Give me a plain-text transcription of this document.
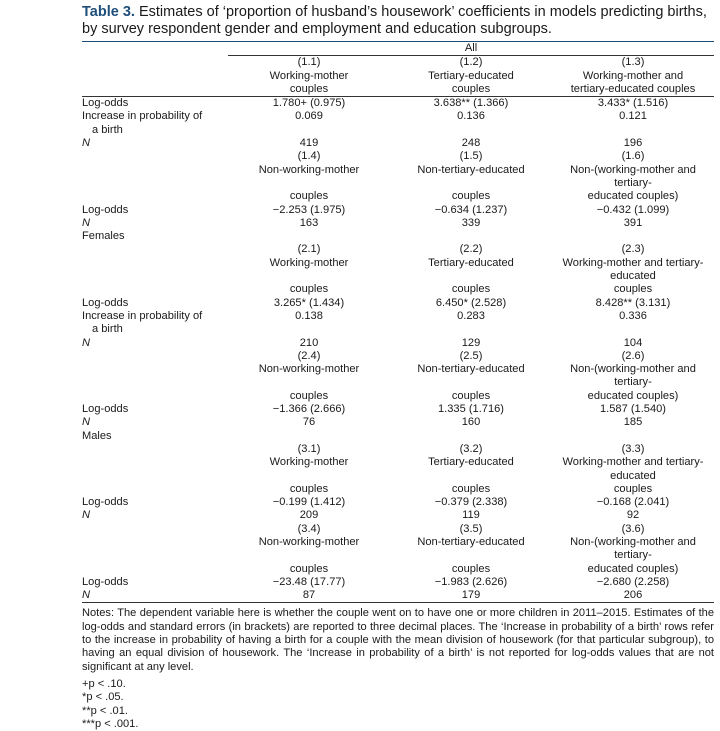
Table 3. Estimates of ‘proportion of husband’s housework’ coefficients in models predicting births, by survey respondent gender and employment and education subgroups.

	All		

	(1.1)	(1.2)	(1.3)
	Working-mother	Tertiary-educated	Working-mother and
	couples	couples	tertiary-educated couples
Log-odds	1.780+ (0.975)	3.638** (1.366)	3.433* (1.516)
Increase in probability of	0.069	0.136	0.121
a birth			
N	419	248	196
	(1.4)	(1.5)	(1.6)
	Non-working-mother	Non-tertiary-educated	Non-(working-mother and tertiary-
	couples	couples	educated couples)
Log-odds	−2.253 (1.975)	−0.634 (1.237)	−0.432 (1.099)
N	163	339	391
Females			
	(2.1)	(2.2)	(2.3)
	Working-mother	Tertiary-educated	Working-mother and tertiary-educated
	couples	couples	couples
Log-odds	3.265* (1.434)	6.450* (2.528)	8.428** (3.131)
Increase in probability of	0.138	0.283	0.336
a birth			
N	210	129	104
	(2.4)	(2.5)	(2.6)
	Non-working-mother	Non-tertiary-educated	Non-(working-mother and tertiary-
	couples	couples	educated couples)
Log-odds	−1.366 (2.666)	1.335 (1.716)	1.587 (1.540)
N	76	160	185
Males			
	(3.1)	(3.2)	(3.3)
	Working-mother	Tertiary-educated	Working-mother and tertiary-educated
	couples	couples	couples
Log-odds	−0.199 (1.412)	−0.379 (2.338)	−0.168 (2.041)
N	209	119	92
	(3.4)	(3.5)	(3.6)
	Non-working-mother	Non-tertiary-educated	Non-(working-mother and tertiary-
	couples	couples	educated couples)
Log-odds	−23.48 (17.77)	−1.983 (2.626)	−2.680 (2.258)
N	87	179	206

Notes: The dependent variable here is whether the couple went on to have one or more children in 2011–2015. Estimates of the log-odds and standard errors (in brackets) are reported to three decimal places. The ‘Increase in probability of a birth’ rows refer to the increase in probability of having a birth for a couple with the mean division of housework (for that particular subgroup), to having an equal division of housework. The ‘Increase in probability of a birth’ is not reported for log-odds values that are not significant at any level.

+p < .10.

*p < .05.

**p < .01.

***p < .001.
